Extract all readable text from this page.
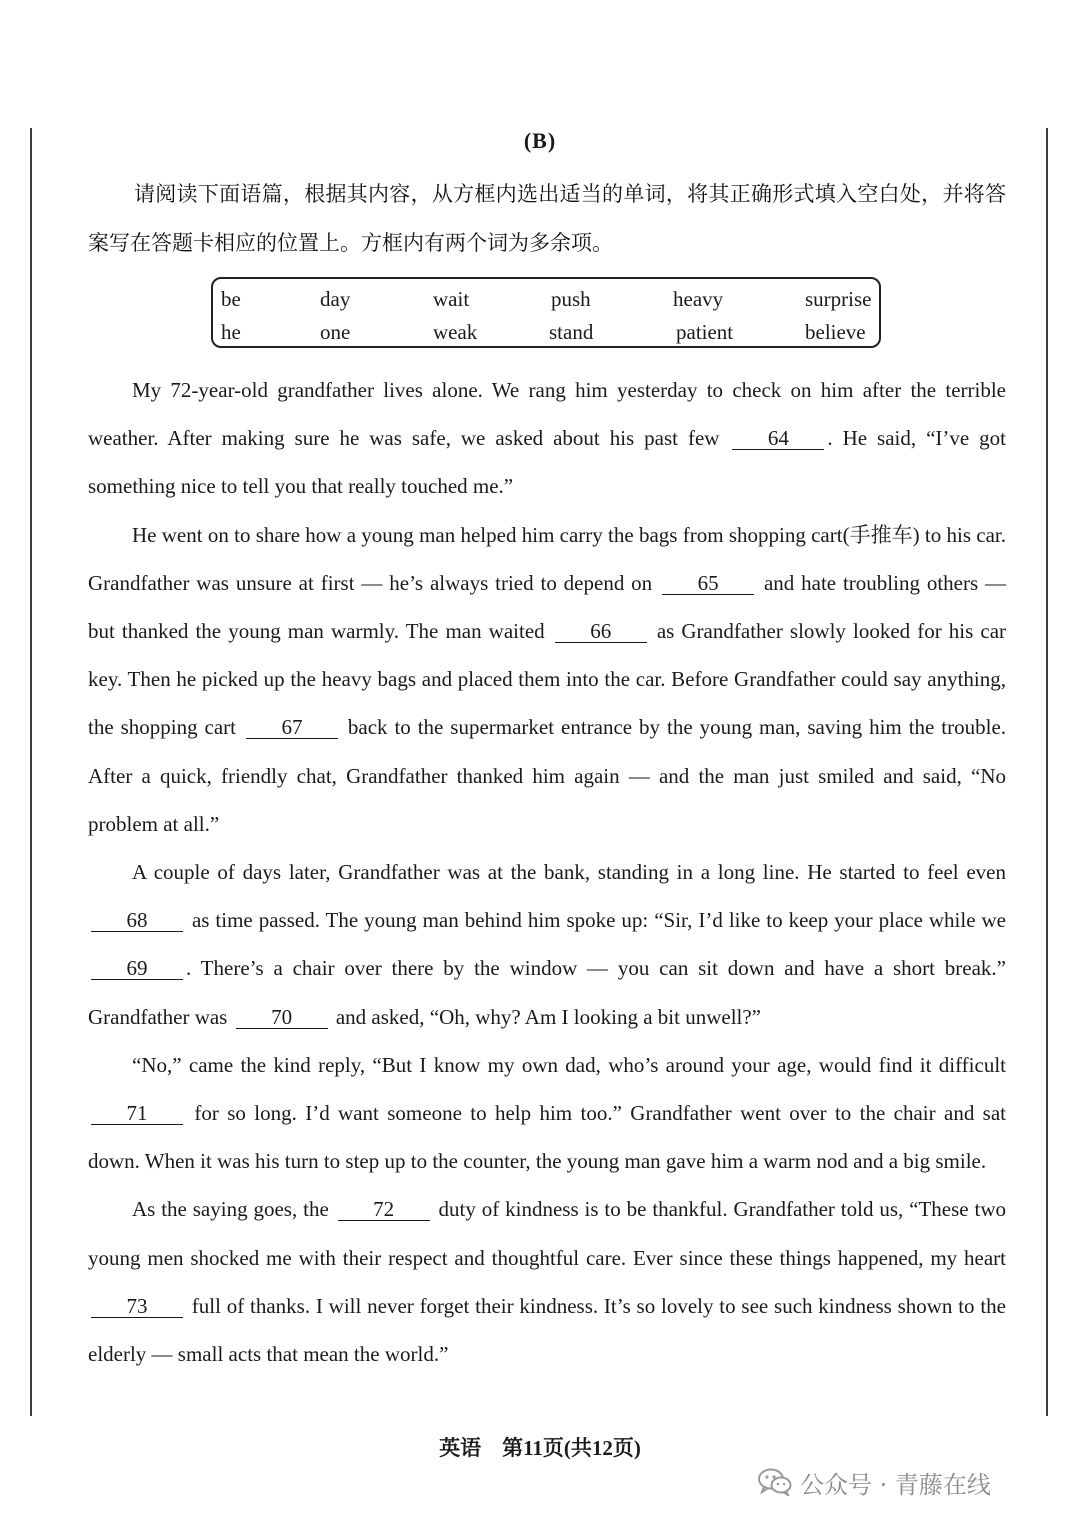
(B)
请阅读下面语篇，根据其内容，从方框内选出适当的单词，将其正确形式填入空白处，并将答案写在答题卡相应的位置上。方框内有两个词为多余项。
be	day	wait	push	heavy	surprise
he	one	weak	stand	patient	believe

My 72-year-old grandfather lives alone. We rang him yesterday to check on him after the terrible weather. After making sure he was safe, we asked about his past few 64 . He said, “I’ve got something nice to tell you that really touched me.”

He went on to share how a young man helped him carry the bags from shopping cart(手推车) to his car. Grandfather was unsure at first — he’s always tried to depend on 65 and hate troubling others — but thanked the young man warmly. The man waited 66 as Grandfather slowly looked for his car key. Then he picked up the heavy bags and placed them into the car. Before Grandfather could say anything, the shopping cart 67 back to the supermarket entrance by the young man, saving him the trouble. After a quick, friendly chat, Grandfather thanked him again — and the man just smiled and said, “No problem at all.”

A couple of days later, Grandfather was at the bank, standing in a long line. He started to feel even 68 as time passed. The young man behind him spoke up: “Sir, I’d like to keep your place while we 69 . There’s a chair over there by the window — you can sit down and have a short break.” Grandfather was 70 and asked, “Oh, why? Am I looking a bit unwell?”

“No,” came the kind reply, “But I know my own dad, who’s around your age, would find it difficult 71 for so long. I’d want someone to help him too.” Grandfather went over to the chair and sat down. When it was his turn to step up to the counter, the young man gave him a warm nod and a big smile.

As the saying goes, the 72 duty of kindness is to be thankful. Grandfather told us, “These two young men shocked me with their respect and thoughtful care. Ever since these things happened, my heart 73 full of thanks. I will never forget their kindness. It’s so lovely to see such kindness shown to the elderly — small acts that mean the world.”

英语　第11页(共12页)
公众号 · 青藤在线
